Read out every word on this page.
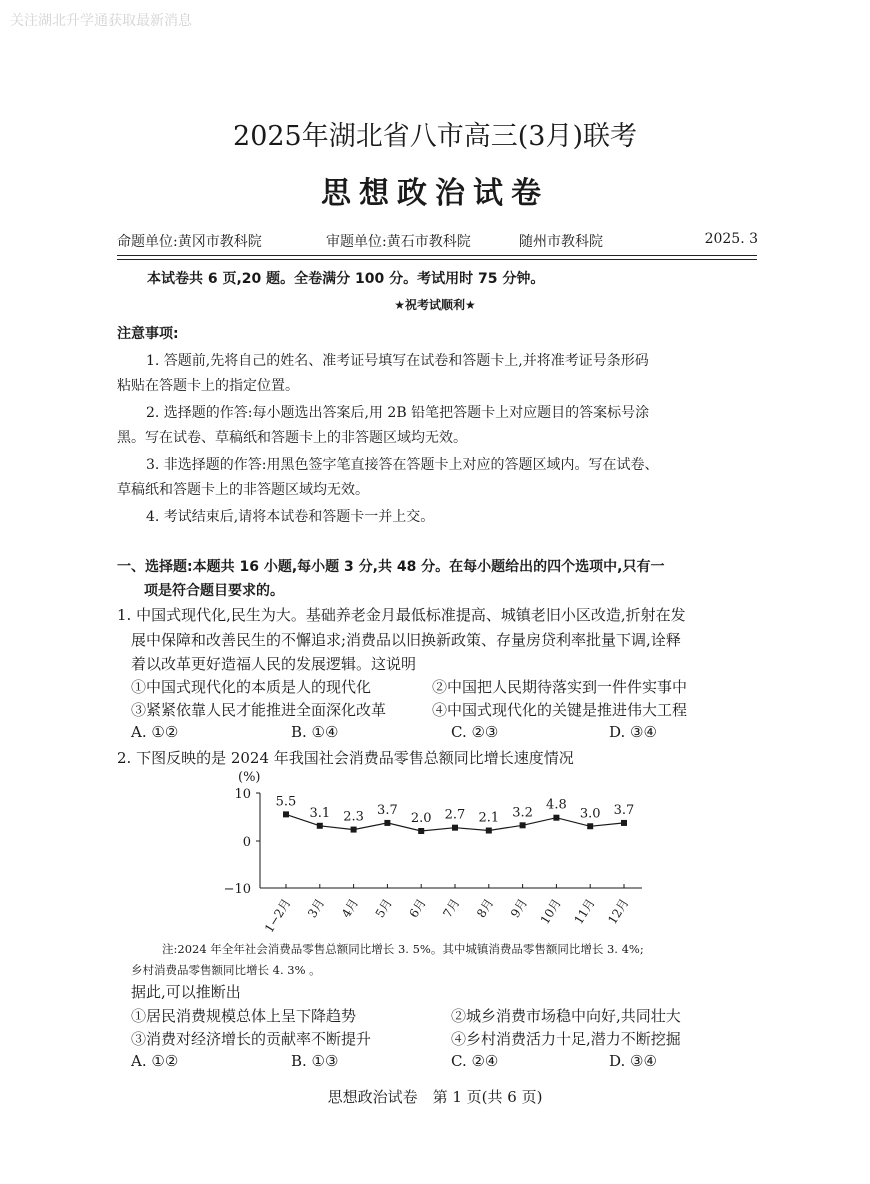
关注湖北升学通获取最新消息
2025年湖北省八市高三(3月)联考
思想政治试卷
命题单位:黄冈市教科院	审题单位:黄石市教科院	随州市教科院	2025. 3
本试卷共 6 页,20 题。全卷满分 100 分。考试用时 75 分钟。
★祝考试顺利★
注意事项:
1. 答题前,先将自己的姓名、准考证号填写在试卷和答题卡上,并将准考证号条形码
粘贴在答题卡上的指定位置。
2. 选择题的作答:每小题选出答案后,用 2B 铅笔把答题卡上对应题目的答案标号涂
黑。写在试卷、草稿纸和答题卡上的非答题区域均无效。
3. 非选择题的作答:用黑色签字笔直接答在答题卡上对应的答题区域内。写在试卷、
草稿纸和答题卡上的非答题区域均无效。
4. 考试结束后,请将本试卷和答题卡一并上交。
一、选择题:本题共 16 小题,每小题 3 分,共 48 分。在每小题给出的四个选项中,只有一
项是符合题目要求的。
1. 中国式现代化,民生为大。基础养老金月最低标准提高、城镇老旧小区改造,折射在发
展中保障和改善民生的不懈追求;消费品以旧换新政策、存量房贷利率批量下调,诠释
着以改革更好造福人民的发展逻辑。这说明
①中国式现代化的本质是人的现代化	②中国把人民期待落实到一件件实事中
③紧紧依靠人民才能推进全面深化改革	④中国式现代化的关键是推进伟大工程
A. ①②	B. ①④	C. ②③	D. ③④
2. 下图反映的是 2024 年我国社会消费品零售总额同比增长速度情况
(%)
10
0
−10
5.5
1−2月
3.1
3月
2.3
4月
3.7
5月
2.0
6月
2.7
7月
2.1
8月
3.2
9月
4.8
10月
3.0
11月
3.7
12月
注:2024 年全年社会消费品零售总额同比增长 3. 5%。其中城镇消费品零售额同比增长 3. 4%;
乡村消费品零售额同比增长 4. 3% 。
据此,可以推断出
①居民消费规模总体上呈下降趋势	②城乡消费市场稳中向好,共同壮大
③消费对经济增长的贡献率不断提升	④乡村消费活力十足,潜力不断挖掘
A. ①②	B. ①③	C. ②④	D. ③④
思想政治试卷　第 1 页(共 6 页)
